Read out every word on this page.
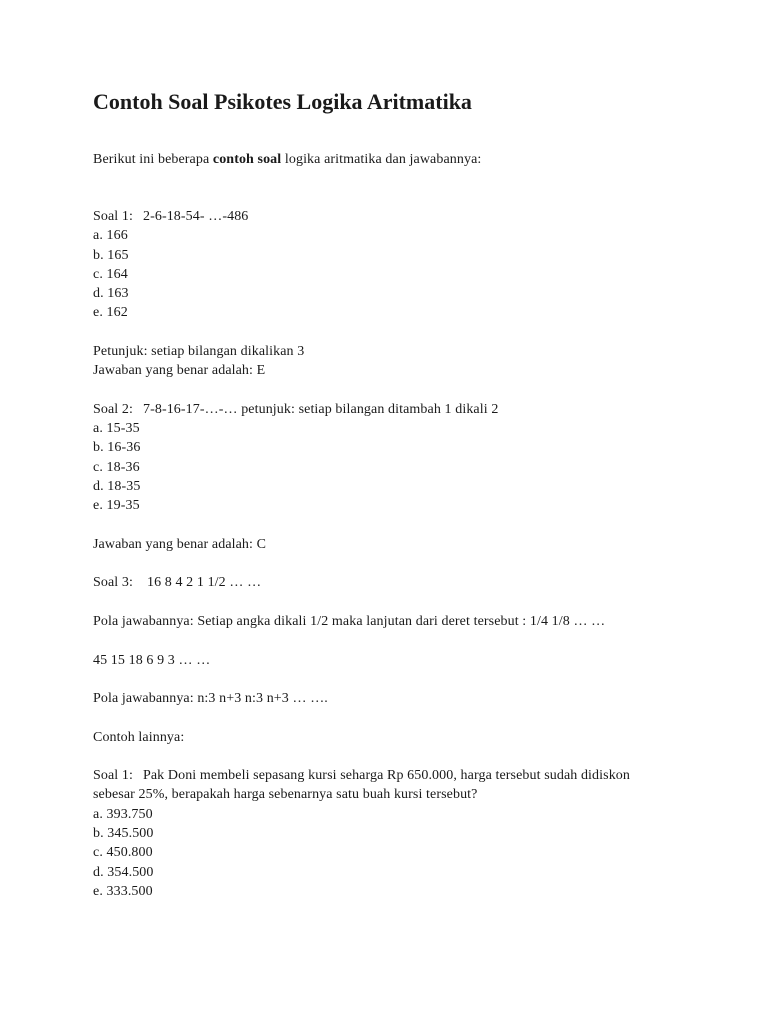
Contoh Soal Psikotes Logika Aritmatika

Berikut ini beberapa contoh soal logika aritmatika dan jawabannya:

Soal 1: 2-6-18-54- …-486

a. 166

b. 165

c. 164

d. 163

e. 162

Petunjuk: setiap bilangan dikalikan 3

Jawaban yang benar adalah: E

Soal 2: 7-8-16-17-…-… petunjuk: setiap bilangan ditambah 1 dikali 2

a. 15-35

b. 16-36

c. 18-36

d. 18-35

e. 19-35

Jawaban yang benar adalah: C

Soal 3: 16 8 4 2 1 1/2 … …

Pola jawabannya: Setiap angka dikali 1/2 maka lanjutan dari deret tersebut : 1/4 1/8 … …

45 15 18 6 9 3 … …

Pola jawabannya: n:3 n+3 n:3 n+3 … ….

Contoh lainnya:

Soal 1: Pak Doni membeli sepasang kursi seharga Rp 650.000, harga tersebut sudah didiskon

sebesar 25%, berapakah harga sebenarnya satu buah kursi tersebut?

a. 393.750

b. 345.500

c. 450.800

d. 354.500

e. 333.500
